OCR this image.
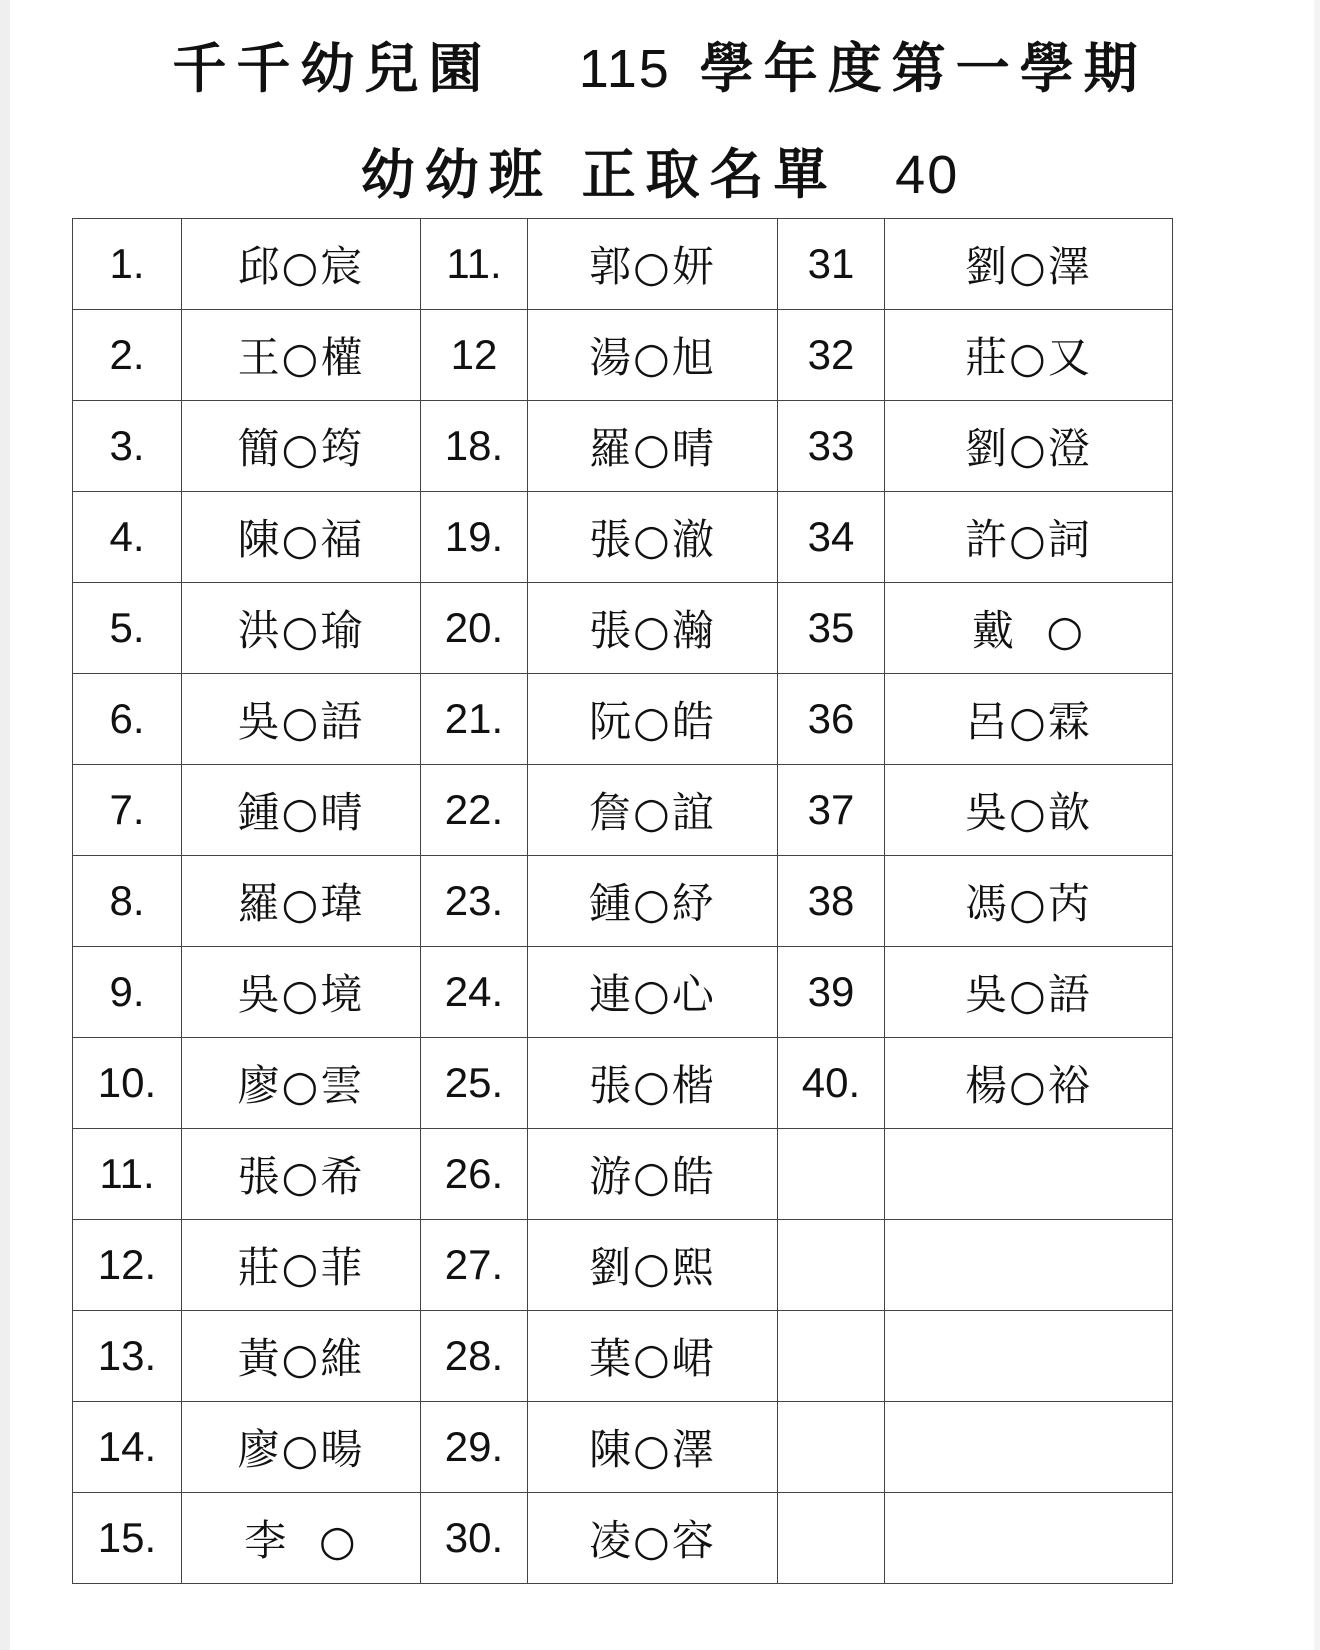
千千幼兒園 115 學年度第一學期
幼幼班 正取名單 40
1.	邱○宸	11.	郭○妍	31	劉○澤
2.	王○權	12	湯○旭	32	莊○又
3.	簡○筠	18.	羅○晴	33	劉○澄
4.	陳○福	19.	張○澈	34	許○詞
5.	洪○瑜	20.	張○瀚	35	戴  ○
6.	吳○語	21.	阮○皓	36	呂○霖
7.	鍾○晴	22.	詹○誼	37	吳○歆
8.	羅○瑋	23.	鍾○紓	38	馮○芮
9.	吳○境	24.	連○心	39	吳○語
10.	廖○雲	25.	張○楷	40.	楊○裕
11.	張○希	26.	游○皓		
12.	莊○菲	27.	劉○熙		
13.	黃○維	28.	葉○峮		
14.	廖○暘	29.	陳○澤		
15.	李  ○	30.	凌○容		
